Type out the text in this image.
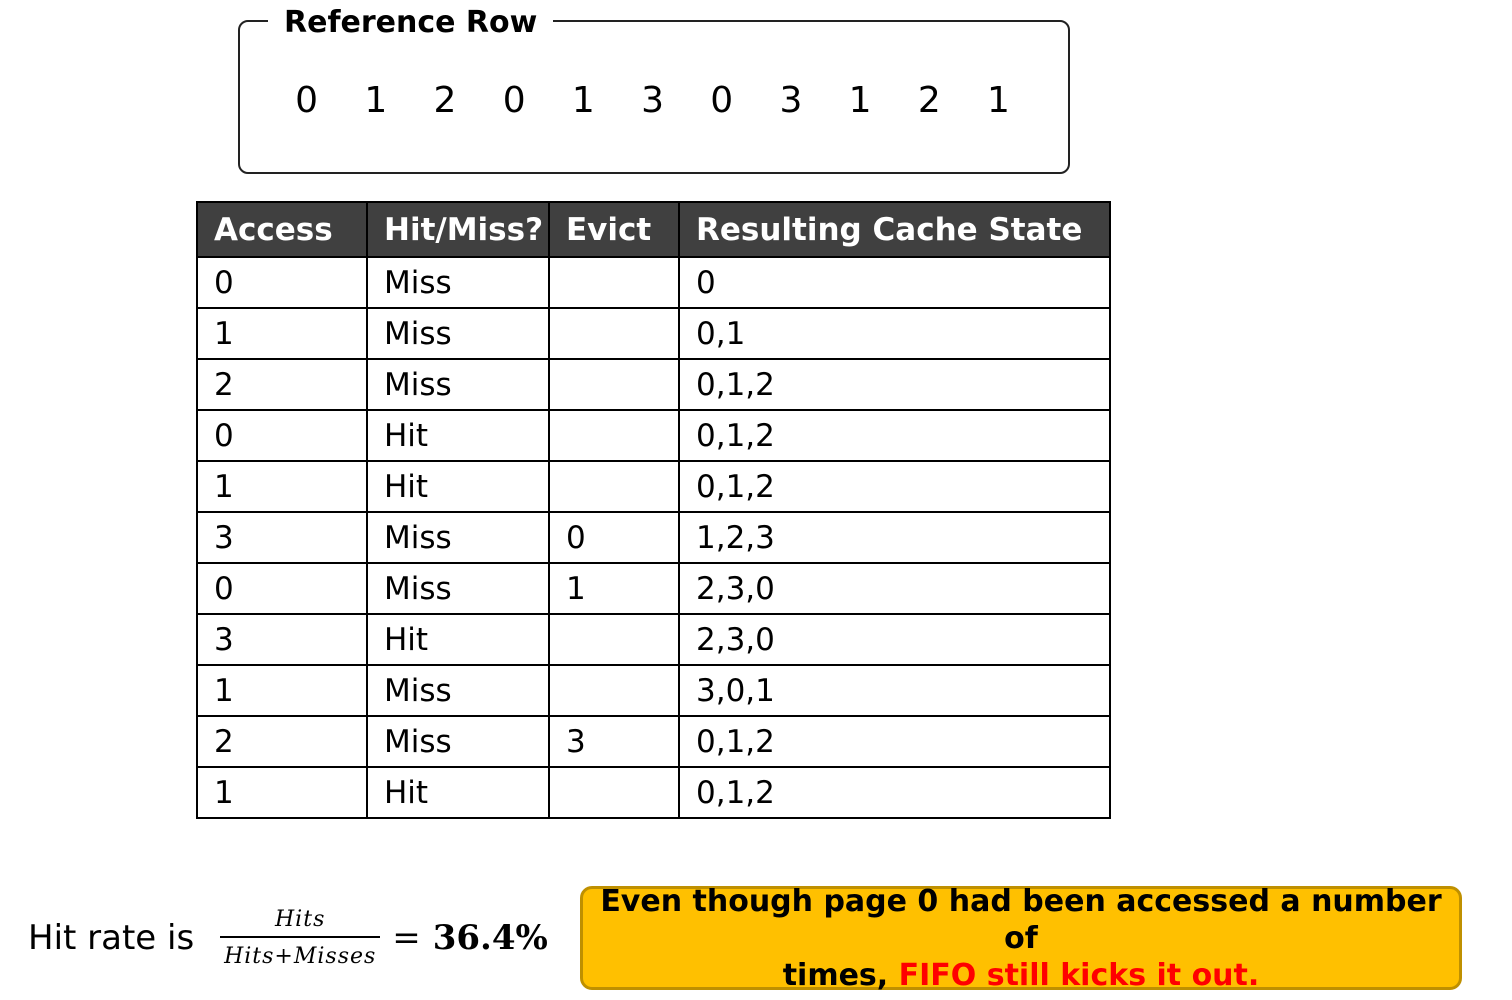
Reference Row
0	1	2	0	1	3	0	3	1	2	1
Access	Hit/Miss?	Evict	Resulting Cache State
0	Miss		0
1	Miss		0,1
2	Miss		0,1,2
0	Hit		0,1,2
1	Hit		0,1,2
3	Miss	0	1,2,3
0	Miss	1	2,3,0
3	Hit		2,3,0
1	Miss		3,0,1
2	Miss	3	0,1,2
1	Hit		0,1,2
Hit rate is $\frac{\text{Hits}}{\text{Hits+Misses}} = 36.4\%$
Even though page 0 had been accessed a number of
times, FIFO still kicks it out.
